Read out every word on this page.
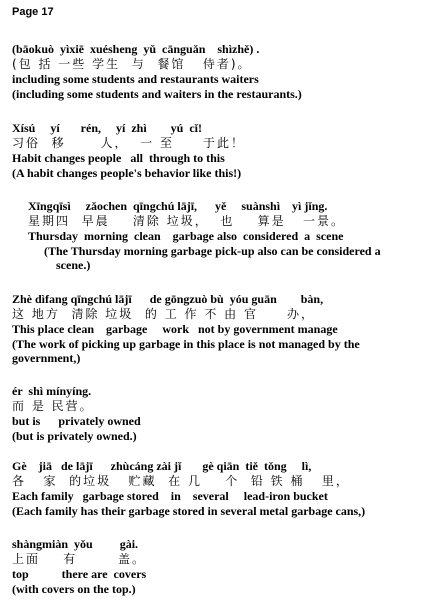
Page 17
(bāokuò  yìxiē  xuésheng  yǔ  cānguǎn    shìzhě) .
(包 括 一些 学生  与  餐馆   侍者)。
including some students and restaurants waiters
(including some students and waiters in the restaurants.)
Xísú     yí       rén,     yí  zhì        yú  cǐ!
习俗  移      人，  一 至     于此！
Habit changes people   all  through to this
(A habit changes people's behavior like this!)
Xīngqīsì     zǎochen  qīngchú lājī,      yě     suànshì    yì jǐng.
星期四  早晨    清除 垃圾，  也    算是   一景。
Thursday  morning  clean    garbage also  considered  a  scene
(The Thursday morning garbage pick-up also can be considered a scene.)
Zhè dìfang qīngchú lājī      de gōngzuò bù  yóu guān        bàn,
这 地方  清除 垃圾  的 工 作 不 由 官     办，
This place clean    garbage     work   not by government manage
(The work of picking up garbage in this place is not managed by the government,)
ér  shì mínyíng.
而 是 民营。
but is      privately owned
(but is privately owned.)
Gè    jiā   de lājī      zhùcáng zài jǐ       gè qiān  tiě  tǒng     lì,
各   家  的垃圾   贮藏  在 几    个  铅 铁 桶   里，
Each family   garbage stored    in    several     lead-iron bucket
(Each family has their garbage stored in several metal garbage cans,)
shàngmiàn  yǒu         gài.
上面    有       盖。
top           there are  covers
(with covers on the top.)
